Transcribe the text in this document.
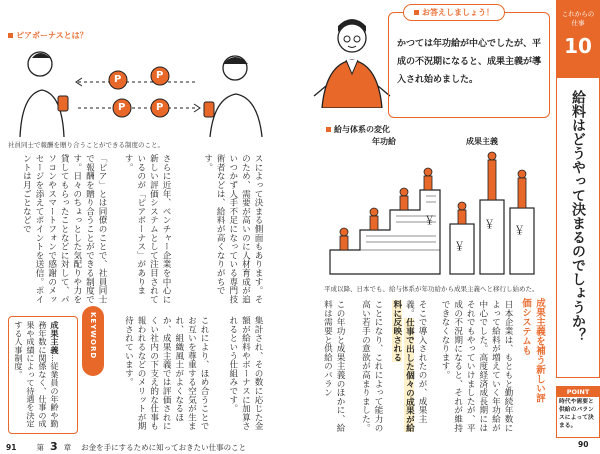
ピアボーナスとは？
P	P
P	P
社員同士で報酬を贈り合うことができる制度のこと。
スによって決まる側面もあります。そのため、需要が高いのに人材育成が追いつかず人手不足になっている専門技術者などは、給料が高くなりがちです。
さらに近年、ベンチャー企業を中心に新しい評価システムとして注目されているのが「ピアボーナス」があります。
「ピア」とは同僚のことで、社員同士で報酬を贈り合うことができる制度です。日々のちょっとした気配りや力を貸してもらったことなどに対して、パソコンやスマートフォンで感謝のメッセージを添えてポイントを送信。ポイントは月ごとなどで
集計され、その数に応じた金額が給料やボーナスに加算されるという仕組みです。
これにより、ほめ合うことでお互いを尊重する空気が生まれ、組織風土がよくなるほか、成果主義では評価されにくい社内の下支え的な仕事も報われるなどのメリットが期待されています。
KEYWORD
成果主義…従業員の年齢や勤務年数に関係なく、仕事の成果や成績によって待遇を決定する人事制度。
91	第 3 章 お金を手にするために知っておきたい仕事のこと
お答えしましょう！
かつては年功給が中心でしたが、平成の不況期になると、成果主義が導入され始めました。
これからの仕事
10
給料はどうやって決まるのでしょうか？
給与体系の変化
年功給	成果主義
￥
￥
￥ ￥
平成以降、日本でも、給与体系が年功給から成果主義へと移行し始めた。
成果主義を補う新しい評価システムも
日本企業は、もともと勤続年数によって給料が増えていく年功給が中心でした。高度経済成長期にはそれでもやっていけましたが、平成の不況期になると、それが維持できなくなります。
そこで導入されたのが、成果主義。仕事で出した個々の成果が給料に反映される
ことになり、これによって能力の高い若手の意欲が高まりました。
この年功と成果主義のほかに、給料は需要と供給のバラン	POINT
時代や需要と供給のバランスによって決まる。
90
